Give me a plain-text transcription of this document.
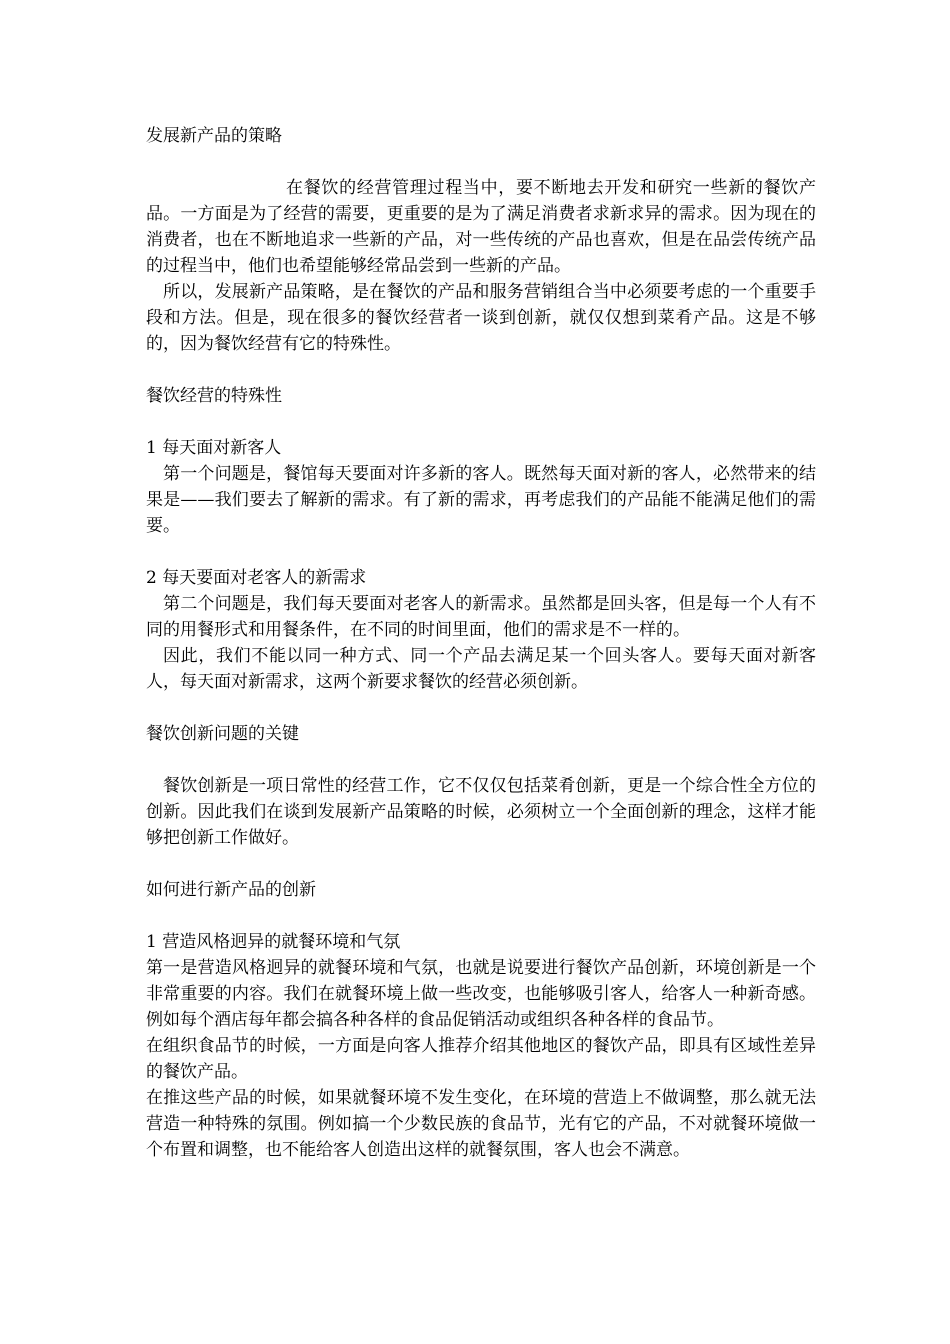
发展新产品的策略

在餐饮的经营管理过程当中，要不断地去开发和研究一些新的餐饮产品。一方面是为了经营的需要，更重要的是为了满足消费者求新求异的需求。因为现在的消费者，也在不断地追求一些新的产品，对一些传统的产品也喜欢，但是在品尝传统产品的过程当中，他们也希望能够经常品尝到一些新的产品。

所以，发展新产品策略，是在餐饮的产品和服务营销组合当中必须要考虑的一个重要手段和方法。但是，现在很多的餐饮经营者一谈到创新，就仅仅想到菜肴产品。这是不够的，因为餐饮经营有它的特殊性。

餐饮经营的特殊性
1 每天面对新客人

第一个问题是，餐馆每天要面对许多新的客人。既然每天面对新的客人，必然带来的结果是——我们要去了解新的需求。有了新的需求，再考虑我们的产品能不能满足他们的需要。

2 每天要面对老客人的新需求

第二个问题是，我们每天要面对老客人的新需求。虽然都是回头客，但是每一个人有不同的用餐形式和用餐条件，在不同的时间里面，他们的需求是不一样的。

因此，我们不能以同一种方式、同一个产品去满足某一个回头客人。要每天面对新客人，每天面对新需求，这两个新要求餐饮的经营必须创新。

餐饮创新问题的关键

餐饮创新是一项日常性的经营工作，它不仅仅包括菜肴创新，更是一个综合性全方位的创新。因此我们在谈到发展新产品策略的时候，必须树立一个全面创新的理念，这样才能够把创新工作做好。

如何进行新产品的创新
1 营造风格迥异的就餐环境和气氛

第一是营造风格迥异的就餐环境和气氛，也就是说要进行餐饮产品创新，环境创新是一个非常重要的内容。我们在就餐环境上做一些改变，也能够吸引客人，给客人一种新奇感。例如每个酒店每年都会搞各种各样的食品促销活动或组织各种各样的食品节。

在组织食品节的时候，一方面是向客人推荐介绍其他地区的餐饮产品，即具有区域性差异的餐饮产品。

在推这些产品的时候，如果就餐环境不发生变化，在环境的营造上不做调整，那么就无法营造一种特殊的氛围。例如搞一个少数民族的食品节，光有它的产品，不对就餐环境做一个布置和调整，也不能给客人创造出这样的就餐氛围，客人也会不满意。
